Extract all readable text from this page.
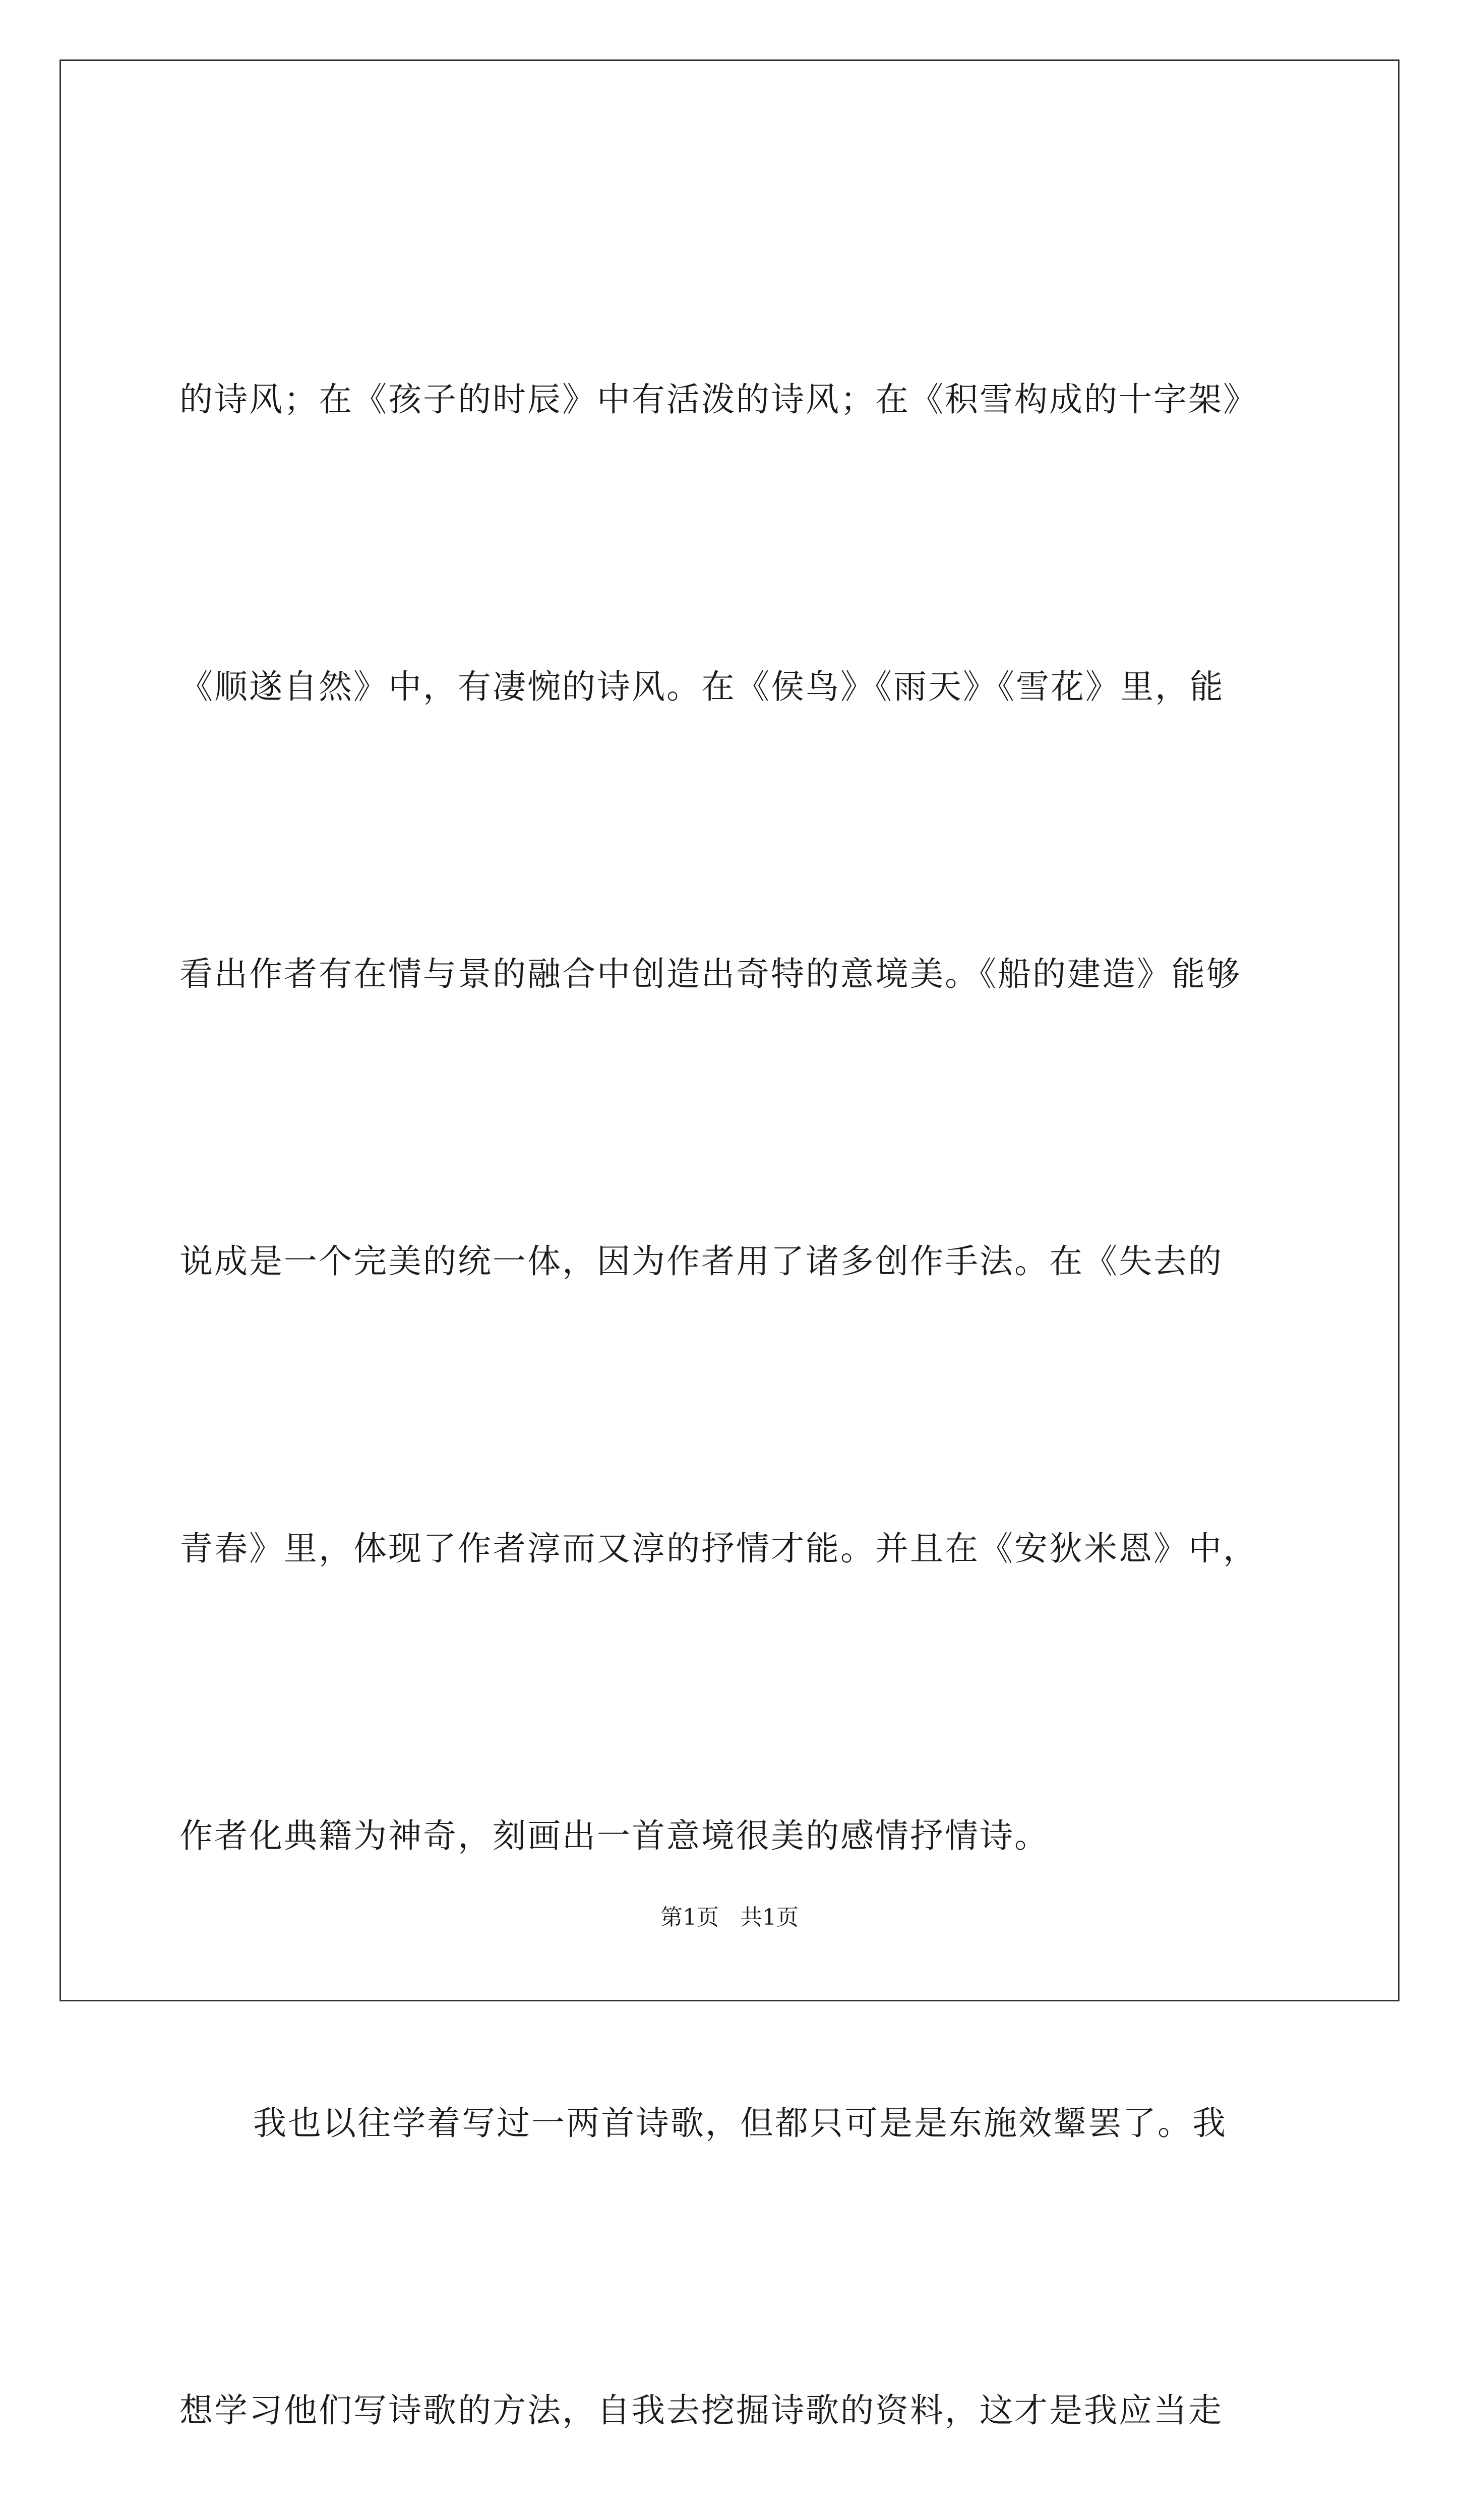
的诗风；在《孩子的时辰》中有活泼的诗风；在《积雪构成的十字架》

《顺遂自然》中，有凄惋的诗风。在《侯鸟》《雨天》《雪花》里，能

看出作者有在情与景的融合中创造出奇特的意境美。《船的建造》能够

说成是一个完美的统一体，因为作者用了诸多创作手法。在《失去的

青春》里，体现了作者淳而又淳的抒情才能。并且在《安狄米恩》中，

作者化典籍为神奇，刻画出一首意境很美的感情抒情诗。

我也以往学着写过一两首诗歌，但都只可是是东施效颦罢了。我

想学习他们写诗歌的方法，自我去挖掘诗歌的资料，这才是我应当走

第1页 共1页
